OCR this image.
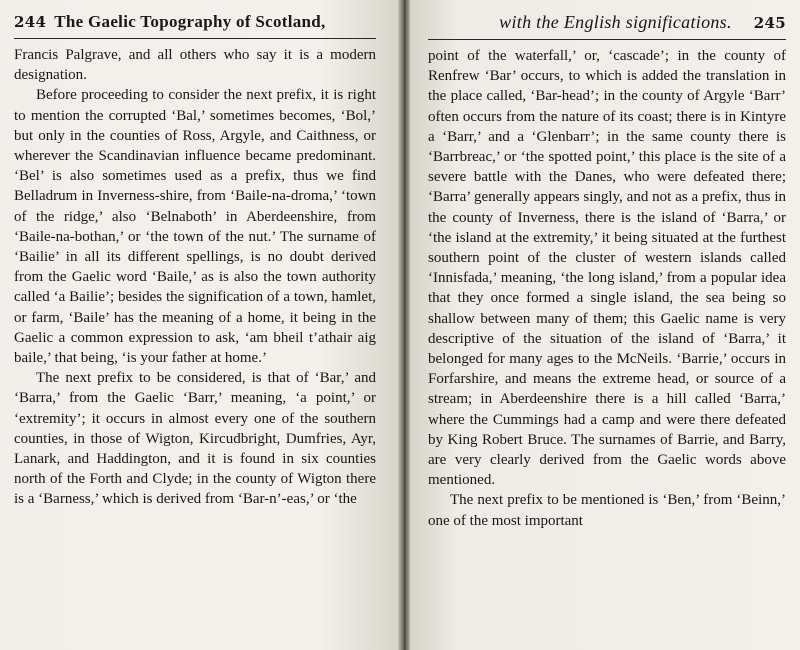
244 The Gaelic Topography of Scotland,

Francis Palgrave, and all others who say it is a modern designation.

Before proceeding to consider the next prefix, it is right to mention the corrupted ‘Bal,’ sometimes becomes, ‘Bol,’ but only in the counties of Ross, Argyle, and Caithness, or wherever the Scandinavian influence became predominant. ‘Bel’ is also sometimes used as a prefix, thus we find Belladrum in Inverness-shire, from ‘Baile-na-droma,’ ‘town of the ridge,’ also ‘Belnaboth’ in Aberdeenshire, from ‘Baile-na-bothan,’ or ‘the town of the nut.’ The surname of ‘Bailie’ in all its different spellings, is no doubt derived from the Gaelic word ‘Baile,’ as is also the town authority called ‘a Bailie’; besides the signification of a town, hamlet, or farm, ‘Baile’ has the meaning of a home, it being in the Gaelic a common expression to ask, ‘am bheil t’athair aig baile,’ that being, ‘is your father at home.’

The next prefix to be considered, is that of ‘Bar,’ and ‘Barra,’ from the Gaelic ‘Barr,’ meaning, ‘a point,’ or ‘extremity’; it occurs in almost every one of the southern counties, in those of Wigton, Kircudbright, Dumfries, Ayr, Lanark, and Haddington, and it is found in six counties north of the Forth and Clyde; in the county of Wigton there is a ‘Barness,’ which is derived from ‘Bar-n’-eas,’ or ‘the

with the English significations. 245

point of the waterfall,’ or, ‘cascade’; in the county of Renfrew ‘Bar’ occurs, to which is added the translation in the place called, ‘Bar-head’; in the county of Argyle ‘Barr’ often occurs from the nature of its coast; there is in Kintyre a ‘Barr,’ and a ‘Glenbarr’; in the same county there is ‘Barrbreac,’ or ‘the spotted point,’ this place is the site of a severe battle with the Danes, who were defeated there; ‘Barra’ generally appears singly, and not as a prefix, thus in the county of Inverness, there is the island of ‘Barra,’ or ‘the island at the extremity,’ it being situated at the furthest southern point of the cluster of western islands called ‘Innisfada,’ meaning, ‘the long island,’ from a popular idea that they once formed a single island, the sea being so shallow between many of them; this Gaelic name is very descriptive of the situation of the island of ‘Barra,’ it belonged for many ages to the McNeils. ‘Barrie,’ occurs in Forfarshire, and means the extreme head, or source of a stream; in Aberdeenshire there is a hill called ‘Barra,’ where the Cummings had a camp and were there defeated by King Robert Bruce. The surnames of Barrie, and Barry, are very clearly derived from the Gaelic words above mentioned.

The next prefix to be mentioned is ‘Ben,’ from ‘Beinn,’ one of the most important
